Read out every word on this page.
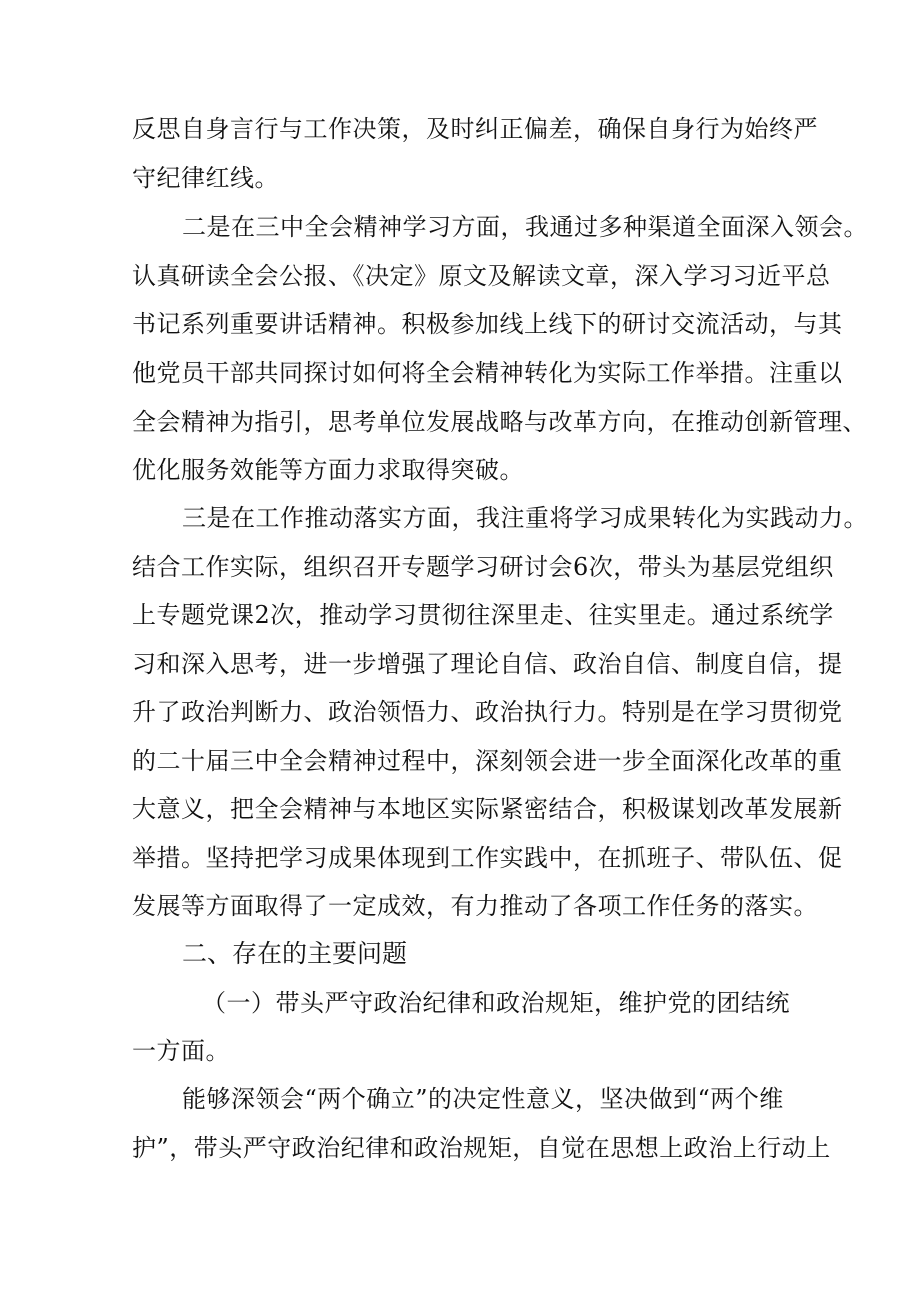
反思自身言行与工作决策，及时纠正偏差，确保自身行为始终严
守纪律红线。
二是在三中全会精神学习方面，我通过多种渠道全面深入领会。
认真研读全会公报、《决定》原文及解读文章，深入学习习近平总
书记系列重要讲话精神。积极参加线上线下的研讨交流活动，与其
他党员干部共同探讨如何将全会精神转化为实际工作举措。注重以
全会精神为指引，思考单位发展战略与改革方向，在推动创新管理、
优化服务效能等方面力求取得突破。
三是在工作推动落实方面，我注重将学习成果转化为实践动力。
结合工作实际，组织召开专题学习研讨会6次，带头为基层党组织
上专题党课2次，推动学习贯彻往深里走、往实里走。通过系统学
习和深入思考，进一步增强了理论自信、政治自信、制度自信，提
升了政治判断力、政治领悟力、政治执行力。特别是在学习贯彻党
的二十届三中全会精神过程中，深刻领会进一步全面深化改革的重
大意义，把全会精神与本地区实际紧密结合，积极谋划改革发展新
举措。坚持把学习成果体现到工作实践中，在抓班子、带队伍、促
发展等方面取得了一定成效，有力推动了各项工作任务的落实。
二、存在的主要问题
（一）带头严守政治纪律和政治规矩，维护党的团结统
一方面。
能够深领会“两个确立”的决定性意义，坚决做到“两个维
护”，带头严守政治纪律和政治规矩，自觉在思想上政治上行动上
